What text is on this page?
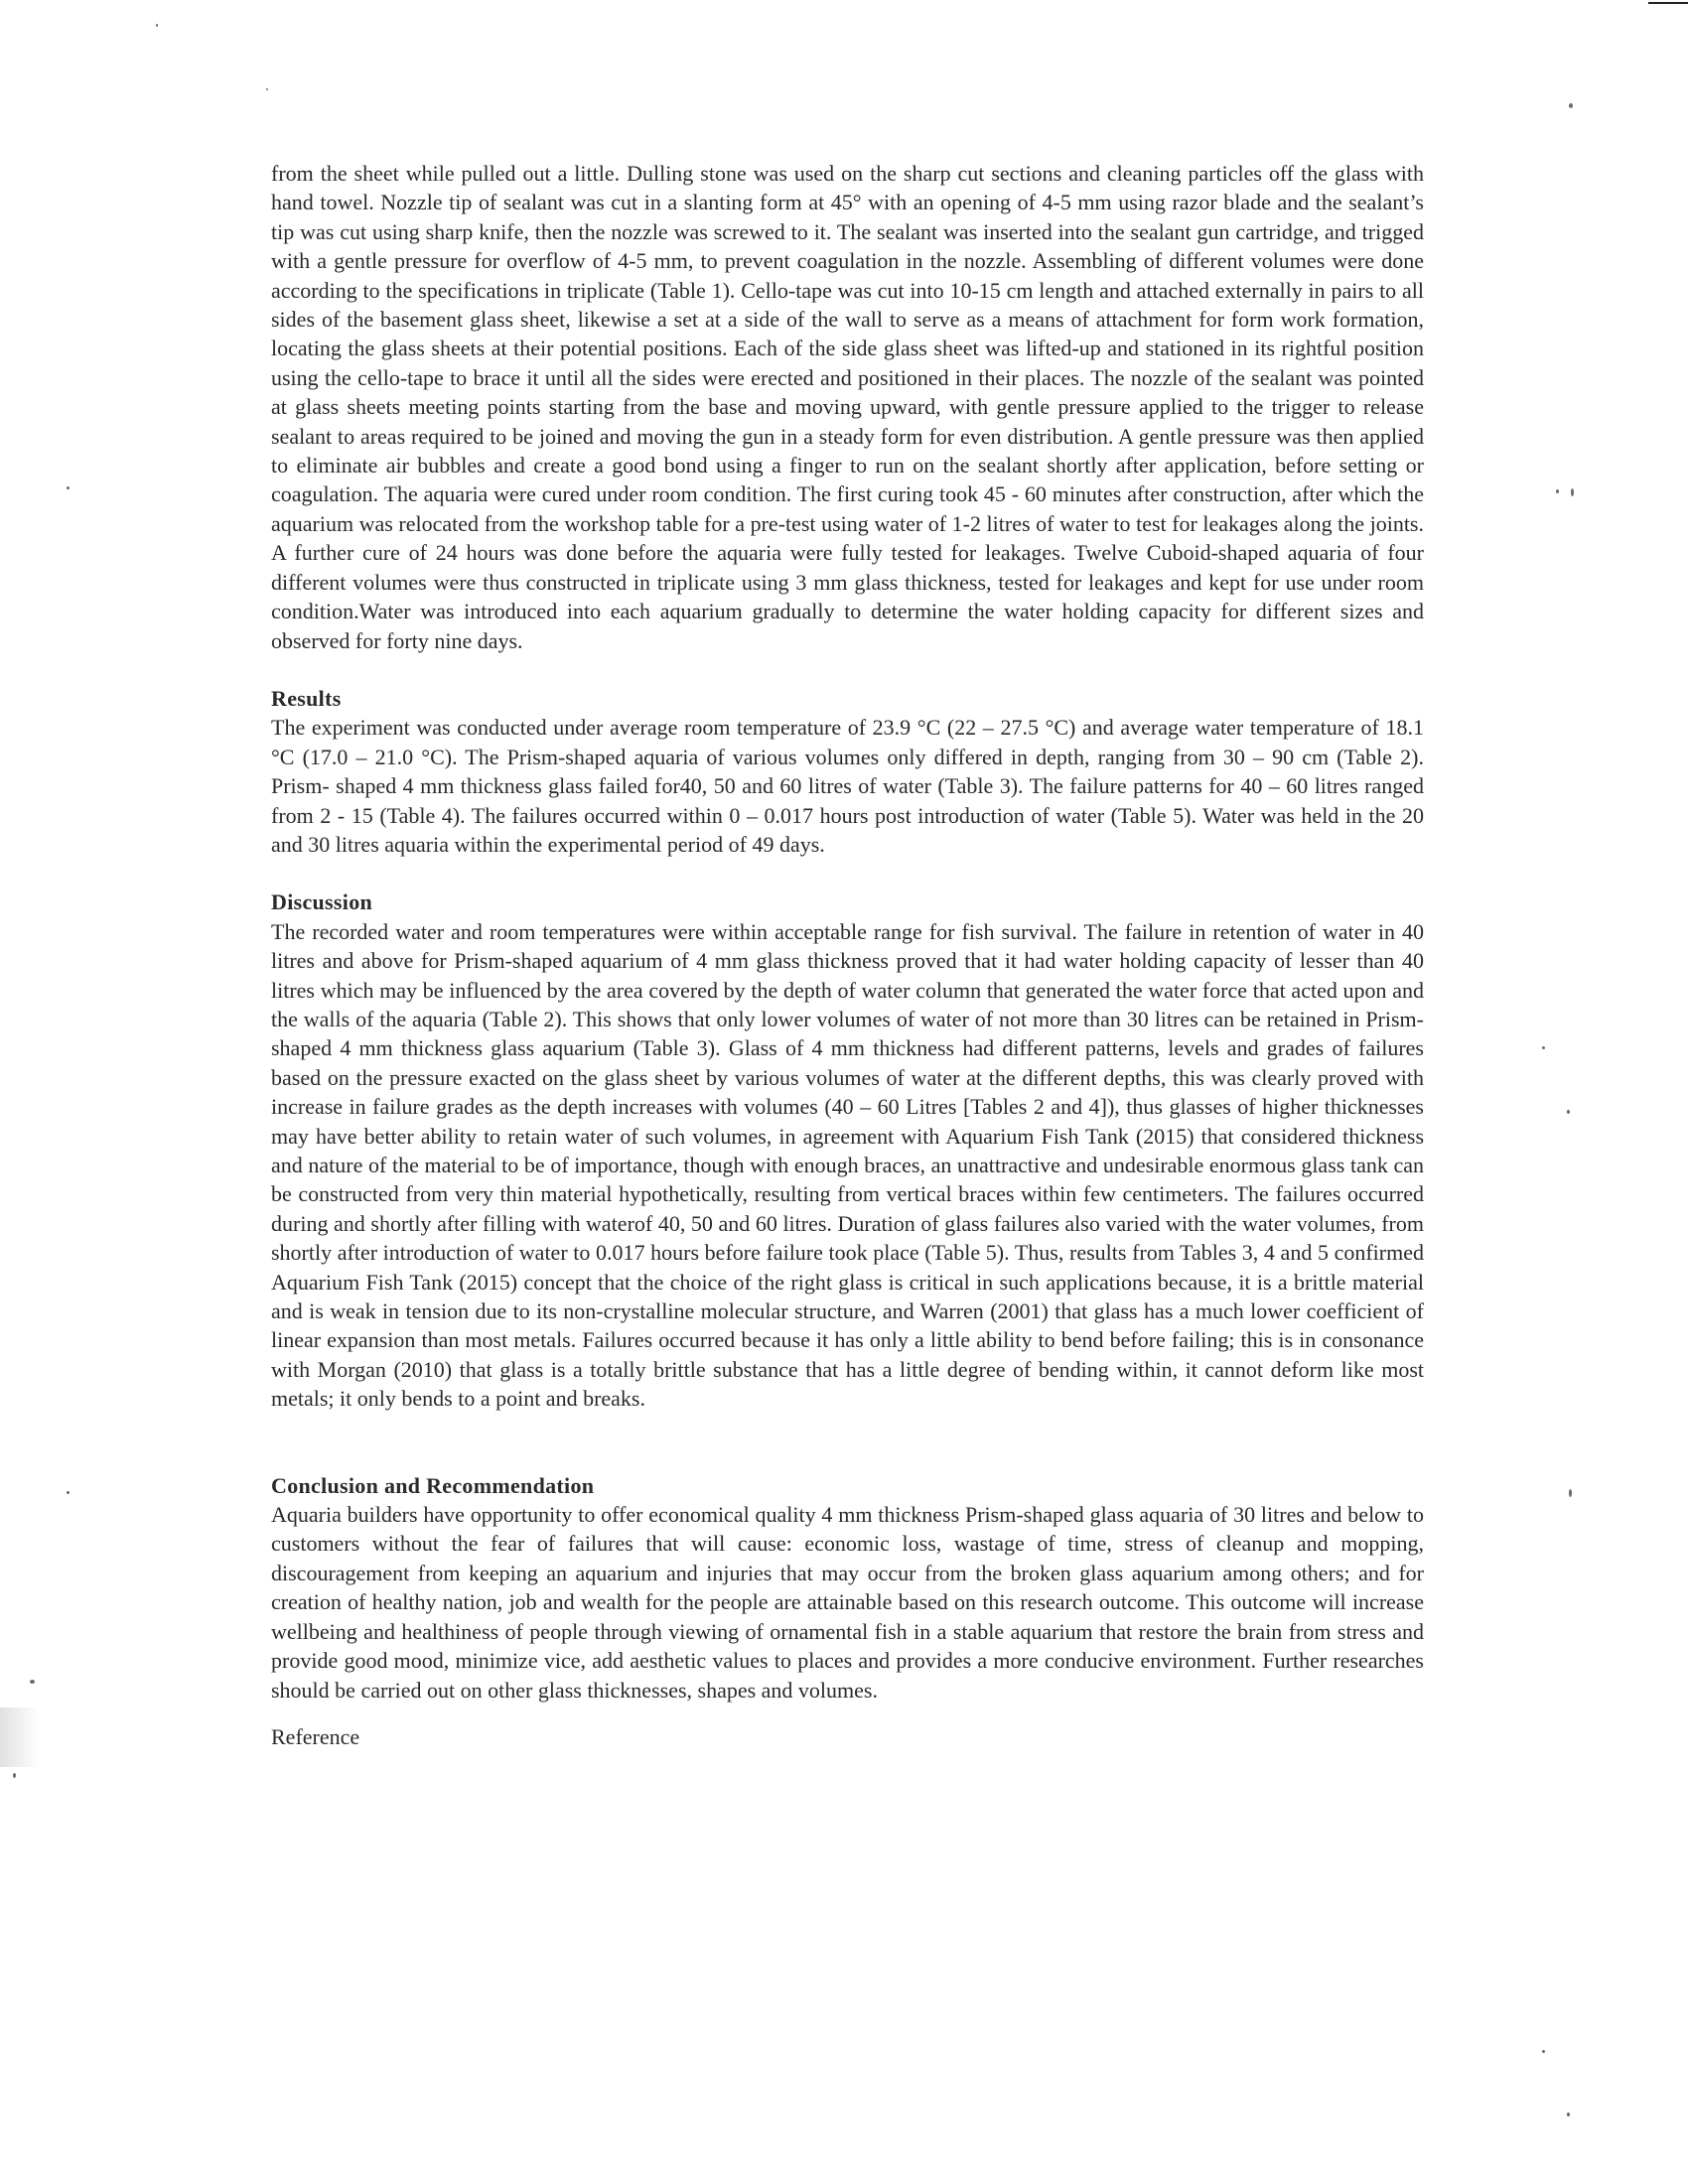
from the sheet while pulled out a little. Dulling stone was used on the sharp cut sections and cleaning particles off the glass with hand towel. Nozzle tip of sealant was cut in a slanting form at 45° with an opening of 4-5 mm using razor blade and the sealant’s tip was cut using sharp knife, then the nozzle was screwed to it. The sealant was inserted into the sealant gun cartridge, and trigged with a gentle pressure for overflow of 4-5 mm, to prevent coagulation in the nozzle. Assembling of different volumes were done according to the specifications in triplicate (Table 1). Cello-tape was cut into 10-15 cm length and attached externally in pairs to all sides of the basement glass sheet, likewise a set at a side of the wall to serve as a means of attachment for form work formation, locating the glass sheets at their potential positions. Each of the side glass sheet was lifted-up and stationed in its rightful position using the cello-tape to brace it until all the sides were erected and positioned in their places. The nozzle of the sealant was pointed at glass sheets meeting points starting from the base and moving upward, with gentle pressure applied to the trigger to release sealant to areas required to be joined and moving the gun in a steady form for even distribution. A gentle pressure was then applied to eliminate air bubbles and create a good bond using a finger to run on the sealant shortly after application, before setting or coagulation. The aquaria were cured under room condition. The first curing took 45 - 60 minutes after construction, after which the aquarium was relocated from the workshop table for a pre-test using water of 1-2 litres of water to test for leakages along the joints. A further cure of 24 hours was done before the aquaria were fully tested for leakages. Twelve Cuboid-shaped aquaria of four different volumes were thus constructed in triplicate using 3 mm glass thickness, tested for leakages and kept for use under room condition.Water was introduced into each aquarium gradually to determine the water holding capacity for different sizes and observed for forty nine days.

Results

The experiment was conducted under average room temperature of 23.9 °C (22 – 27.5 °C) and average water temperature of 18.1 °C (17.0 – 21.0 °C). The Prism-shaped aquaria of various volumes only differed in depth, ranging from 30 – 90 cm (Table 2). Prism- shaped 4 mm thickness glass failed for40, 50 and 60 litres of water (Table 3). The failure patterns for 40 – 60 litres ranged from 2 - 15 (Table 4). The failures occurred within 0 – 0.017 hours post introduction of water (Table 5). Water was held in the 20 and 30 litres aquaria within the experimental period of 49 days.

Discussion

The recorded water and room temperatures were within acceptable range for fish survival. The failure in retention of water in 40 litres and above for Prism-shaped aquarium of 4 mm glass thickness proved that it had water holding capacity of lesser than 40 litres which may be influenced by the area covered by the depth of water column that generated the water force that acted upon and the walls of the aquaria (Table 2). This shows that only lower volumes of water of not more than 30 litres can be retained in Prism-shaped 4 mm thickness glass aquarium (Table 3). Glass of 4 mm thickness had different patterns, levels and grades of failures based on the pressure exacted on the glass sheet by various volumes of water at the different depths, this was clearly proved with increase in failure grades as the depth increases with volumes (40 – 60 Litres [Tables 2 and 4]), thus glasses of higher thicknesses may have better ability to retain water of such volumes, in agreement with Aquarium Fish Tank (2015) that considered thickness and nature of the material to be of importance, though with enough braces, an unattractive and undesirable enormous glass tank can be constructed from very thin material hypothetically, resulting from vertical braces within few centimeters. The failures occurred during and shortly after filling with waterof 40, 50 and 60 litres. Duration of glass failures also varied with the water volumes, from shortly after introduction of water to 0.017 hours before failure took place (Table 5). Thus, results from Tables 3, 4 and 5 confirmed Aquarium Fish Tank (2015) concept that the choice of the right glass is critical in such applications because, it is a brittle material and is weak in tension due to its non-crystalline molecular structure, and Warren (2001) that glass has a much lower coefficient of linear expansion than most metals. Failures occurred because it has only a little ability to bend before failing; this is in consonance with Morgan (2010) that glass is a totally brittle substance that has a little degree of bending within, it cannot deform like most metals; it only bends to a point and breaks.

Conclusion and Recommendation

Aquaria builders have opportunity to offer economical quality 4 mm thickness Prism-shaped glass aquaria of 30 litres and below to customers without the fear of failures that will cause: economic loss, wastage of time, stress of cleanup and mopping, discouragement from keeping an aquarium and injuries that may occur from the broken glass aquarium among others; and for creation of healthy nation, job and wealth for the people are attainable based on this research outcome. This outcome will increase wellbeing and healthiness of people through viewing of ornamental fish in a stable aquarium that restore the brain from stress and provide good mood, minimize vice, add aesthetic values to places and provides a more conducive environment. Further researches should be carried out on other glass thicknesses, shapes and volumes.

Reference
